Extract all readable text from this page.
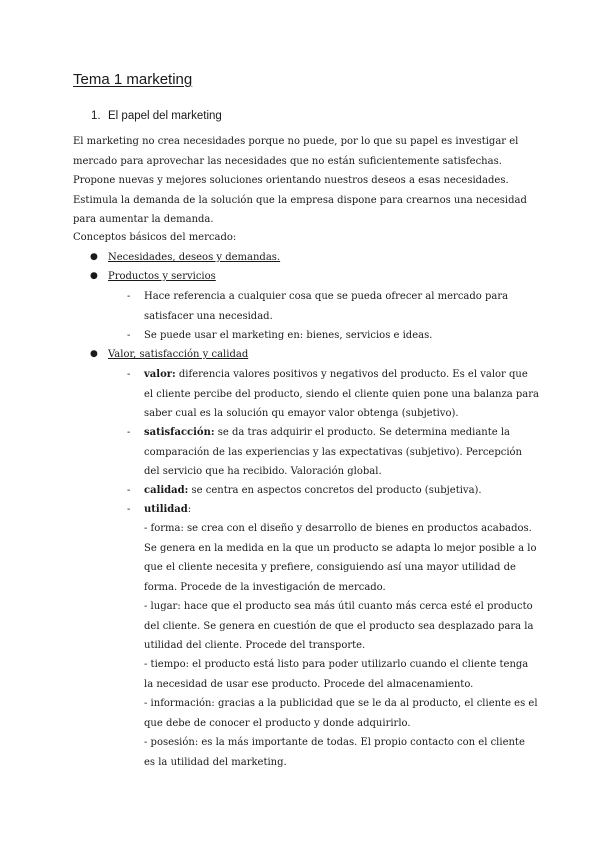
Tema 1 marketing
1. El papel del marketing
El marketing no crea necesidades porque no puede, por lo que su papel es investigar el mercado para aprovechar las necesidades que no están suficientemente satisfechas. Propone nuevas y mejores soluciones orientando nuestros deseos a esas necesidades. Estimula la demanda de la solución que la empresa dispone para crearnos una necesidad para aumentar la demanda.
Conceptos básicos del mercado:
● Necesidades, deseos y demandas.
● Productos y servicios
- Hace referencia a cualquier cosa que se pueda ofrecer al mercado para satisfacer una necesidad.
- Se puede usar el marketing en: bienes, servicios e ideas.
● Valor, satisfacción y calidad
- valor: diferencia valores positivos y negativos del producto. Es el valor que el cliente percibe del producto, siendo el cliente quien pone una balanza para saber cual es la solución qu emayor valor obtenga (subjetivo).
- satisfacción: se da tras adquirir el producto. Se determina mediante la comparación de las experiencias y las expectativas (subjetivo). Percepción del servicio que ha recibido. Valoración global.
- calidad: se centra en aspectos concretos del producto (subjetiva).
- utilidad:
- forma: se crea con el diseño y desarrollo de bienes en productos acabados. Se genera en la medida en la que un producto se adapta lo mejor posible a lo que el cliente necesita y prefiere, consiguiendo así una mayor utilidad de forma. Procede de la investigación de mercado.
- lugar: hace que el producto sea más útil cuanto más cerca esté el producto del cliente. Se genera en cuestión de que el producto sea desplazado para la utilidad del cliente. Procede del transporte.
- tiempo: el producto está listo para poder utilizarlo cuando el cliente tenga la necesidad de usar ese producto. Procede del almacenamiento.
- información: gracias a la publicidad que se le da al producto, el cliente es el que debe de conocer el producto y donde adquirirlo.
- posesión: es la más importante de todas. El propio contacto con el cliente es la utilidad del marketing.
